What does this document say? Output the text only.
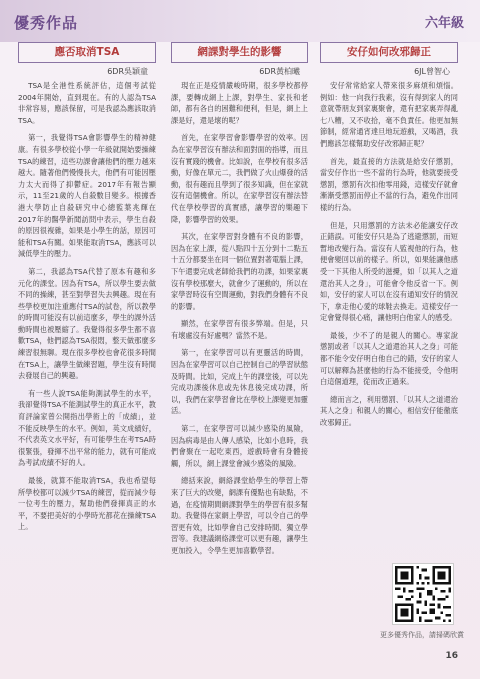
優秀作品	六年級
應否取消TSA
6DR吳穎童

TSA是全港性系統評估，這個考試從2004年開始，直到現在。有的人認為TSA非常容易，應該保留，可是我認為應該取消TSA。

第一，我覺得TSA會影響學生的精神健康。有很多學校從小學一年級就開始要操練TSA的練習，這些功課會讓他們的壓力越來越大。隨著他們慢慢長大，他們有可能因壓力太大而得了抑鬱症。2017年有報告顯示，11至21歲的人自殺數目變多。根據香港大學防止自殺研究中心總監葉兆輝在2017年的醫學新聞訪問中表示，學生自殺的原因很複雜，如果是小學生的話，原因可能和TSA有關。如果能取消TSA，應該可以減低學生的壓力。

第二，我認為TSA代替了原本有趣和多元化的課堂。因為有TSA，所以學生要去做不同的操練，甚至對學習失去興趣。現在有些學校更加注重應付TSA的試卷，所以教學的時間可能沒有以前這麼多，學生的課外活動時間也被壓縮了。我覺得很多學生都不喜歡TSA，他們認為TSA很悶，整天做那麼多練習很無聊。現在很多學校也會花很多時間在TSA上，讓學生做練習題，學生沒有時間去發展自己的興趣。

有一些人說TSA能夠測試學生的水平，我卻覺得TSA不能測試學生的真正水平，教育評論家曾公開指出學術上的「成績」，並不能反映學生的水平。例如，英文成績好，不代表英文水平好，有可能學生在考TSA時很緊張，發揮不出平常的能力，就有可能成為考試成績不好的人。

最後，就算不能取消TSA，我也希望每所學校都可以減少TSA的練習，從而減少每一位考生的壓力，幫助他們發揮真正的水平，不要把美好的小學時光都花在操練TSA上。

網課對學生的影響
6DR黃柏曦

現在正是疫情嚴峻時期，很多學校都停課，要轉成網上上課，對學生、家長和老師，都有各自的困難和便利，但是，網上上課是好，還是壞的呢？

首先，在家學習會影響學習的效率。因為在家學習沒有辦法和面對面的指導，而且沒有實踐的機會。比如說，在學校有很多活動，好像在單元二，我們做了火山爆發的活動，很有趣而且學到了很多知識，但在家就沒有這個機會。所以，在家學習沒有辦法替代在學校學習的真實感，讓學習的樂趣下降，影響學習的效果。

其次，在家學習對身體有不良的影響，因為在家上課，從八點四十五分到十二點五十五分都要坐在同一個位置對著電腦上課，下午還要完成老師給我們的功課，如果家裏沒有學校那麼大，就會少了運動的，所以在家學習時沒有空間運動，對我們身體有不良的影響。

顯然，在家學習有很多弊端。但是，只有壞處沒有好處嗎？當然不是。

第一，在家學習可以有更靈活的時間，因為在家學習可以自己控制自己的學習狀態及時間。比如，完成上午的課堂後，可以先完成功課後休息或先休息後完成功課，所以，我們在家學習會比在學校上課變更加靈活。

第二，在家學習可以減少感染的風險，因為病毒是由人傳人感染，比如小息時，我們會聚在一起吃東西，遊戲時會有身體接觸，所以，網上課堂會減少感染的風險。

總括來說，網絡課堂給學生的學習上帶來了巨大的改變，網課有優點也有缺點，不過，在疫情期間網課對學生的學習有很多幫助。我覺得在家網上學習，可以令自己的學習更有效，比如學會自己安排時間、獨立學習等。我建議網絡課堂可以更有趣，讓學生更加投入，令學生更加喜歡學習。

安仔如何改邪歸正
6JL曾智心

安仔常常給家人帶來很多麻煩和煩惱。例如：他一向我行我素，沒有得到家人的同意就帶朋友到家裏聚會，還有把家裏弄得亂七八糟，又不收拾，毫不負責任。他更加無節制，經常通宵達旦地玩遊戲，又喝酒，我們應該怎樣幫助安仔改邪歸正呢？

首先，最直接的方法就是給安仔懲罰，當安仔作出一些不當的行為時，他就要接受懲罰，懲罰有次扣他零用錢，這樣安仔就會漸漸受懲罰而停止不當的行為，避免作出同樣的行為。

但是，只用懲罰的方法未必能讓安仔改正錯誤。可能安仔只是為了逃避懲罰，而短暫地改變行為。當沒有人監視他的行為，他便會變回以前的樣子。所以，如果能讓他感受一下其他人所受的滋擾，如「以其人之道還治其人之身」，可能會令他反省一下。例如，安仔的家人可以在沒有通知安仔的情況下，拿走他心愛的球鞋去換走。這樣安仔一定會覺得很心痛，讓他明白他家人的感受。

最後，少不了的是親人的關心。專家說懲罰或者「以其人之道還治其人之身」可能都不能令安仔明白他自己的錯，安仔的家人可以解釋為甚麼他的行為不能接受，令他明白這個道理，從而改正過來。

總而言之，利用懲罰、「以其人之道還治其人之身」和親人的關心，相信安仔能徹底改邪歸正。

更多優秀作品，請掃碼欣賞
16
